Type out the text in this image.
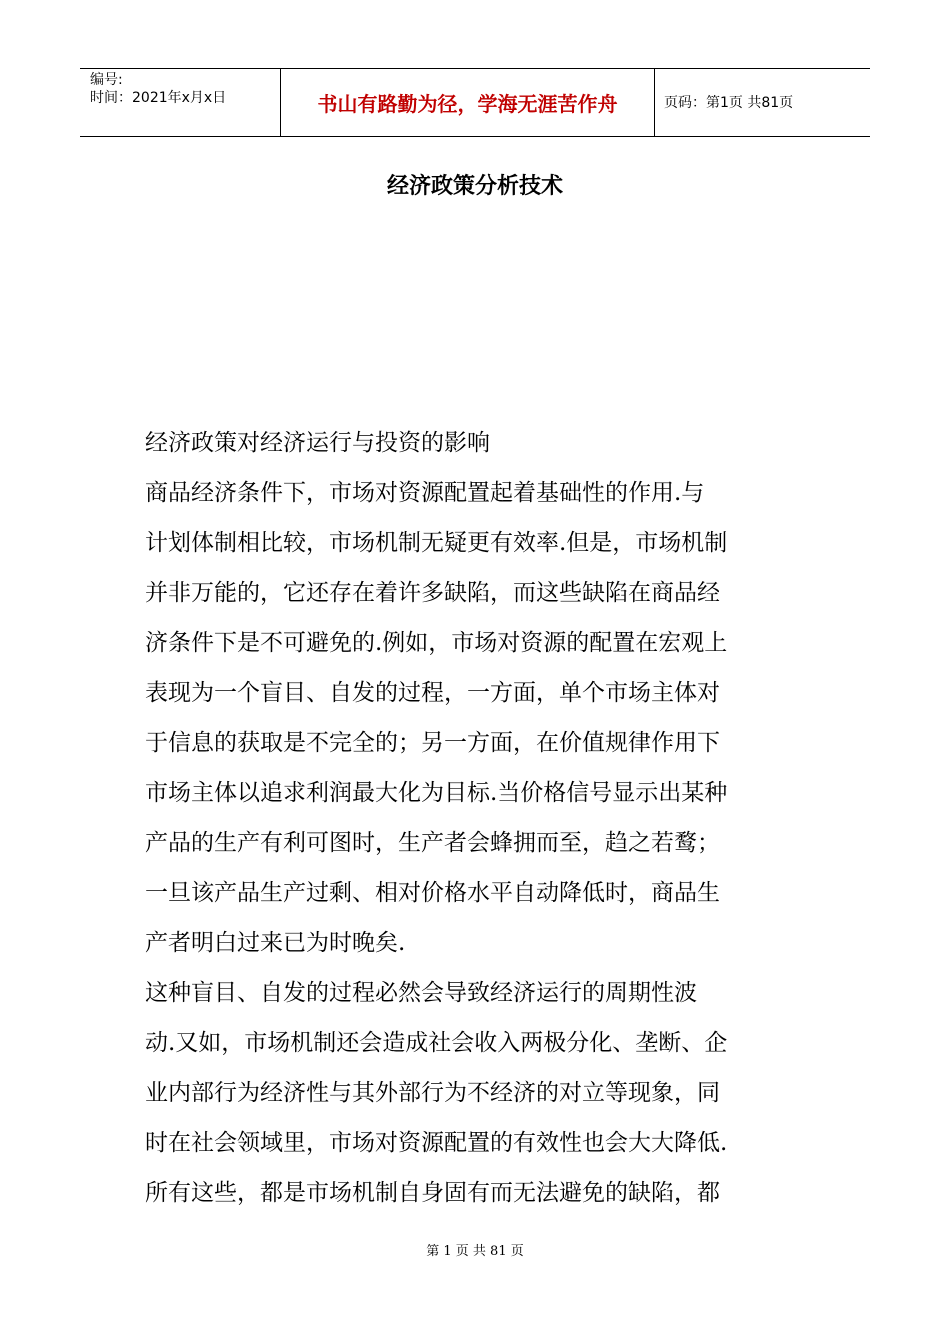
编号:
时间：2021年x月x日	书山有路勤为径，学海无涯苦作舟	页码：第1页 共81页
经济政策分析技术
经济政策对经济运行与投资的影响
商品经济条件下，市场对资源配置起着基础性的作用.与
计划体制相比较，市场机制无疑更有效率.但是，市场机制
并非万能的，它还存在着许多缺陷，而这些缺陷在商品经
济条件下是不可避免的.例如，市场对资源的配置在宏观上
表现为一个盲目、自发的过程，一方面，单个市场主体对
于信息的获取是不完全的；另一方面，在价值规律作用下
市场主体以追求利润最大化为目标.当价格信号显示出某种
产品的生产有利可图时，生产者会蜂拥而至，趋之若鹜；
一旦该产品生产过剩、相对价格水平自动降低时，商品生
产者明白过来已为时晚矣.
这种盲目、自发的过程必然会导致经济运行的周期性波
动.又如，市场机制还会造成社会收入两极分化、垄断、企
业内部行为经济性与其外部行为不经济的对立等现象，同
时在社会领域里，市场对资源配置的有效性也会大大降低.
所有这些，都是市场机制自身固有而无法避免的缺陷，都
第 1 页 共 81 页
